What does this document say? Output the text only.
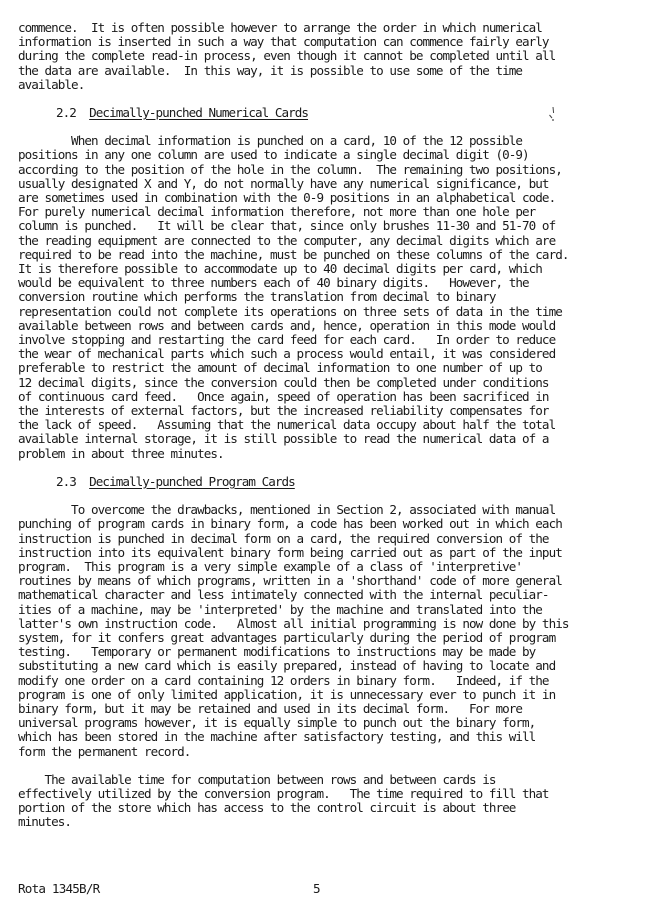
commence.  It is often possible however to arrange the order in which numerical

information is inserted in such a way that computation can commence fairly early

during the complete read-in process, even though it cannot be completed until all

the data are available.  In this way, it is possible to use some of the time

available.

2.2 Decimally-punched Numerical Cards

When decimal information is punched on a card, 10 of the 12 possible

positions in any one column are used to indicate a single decimal digit (0-9)

according to the position of the hole in the column.  The remaining two positions,

usually designated X and Y, do not normally have any numerical significance, but

are sometimes used in combination with the 0-9 positions in an alphabetical code.

For purely numerical decimal information therefore, not more than one hole per

column is punched.   It will be clear that, since only brushes 11-30 and 51-70 of

the reading equipment are connected to the computer, any decimal digits which are

required to be read into the machine, must be punched on these columns of the card.

It is therefore possible to accommodate up to 40 decimal digits per card, which

would be equivalent to three numbers each of 40 binary digits.   However, the

conversion routine which performs the translation from decimal to binary

representation could not complete its operations on three sets of data in the time

available between rows and between cards and, hence, operation in this mode would

involve stopping and restarting the card feed for each card.   In order to reduce

the wear of mechanical parts which such a process would entail, it was considered

preferable to restrict the amount of decimal information to one number of up to

12 decimal digits, since the conversion could then be completed under conditions

of continuous card feed.   Once again, speed of operation has been sacrificed in

the interests of external factors, but the increased reliability compensates for

the lack of speed.   Assuming that the numerical data occupy about half the total

available internal storage, it is still possible to read the numerical data of a

problem in about three minutes.

2.3 Decimally-punched Program Cards

To overcome the drawbacks, mentioned in Section 2, associated with manual

punching of program cards in binary form, a code has been worked out in which each

instruction is punched in decimal form on a card, the required conversion of the

instruction into its equivalent binary form being carried out as part of the input

program.  This program is a very simple example of a class of 'interpretive'

routines by means of which programs, written in a 'shorthand' code of more general

mathematical character and less intimately connected with the internal peculiar-

ities of a machine, may be 'interpreted' by the machine and translated into the

latter's own instruction code.   Almost all initial programming is now done by this

system, for it confers great advantages particularly during the period of program

testing.   Temporary or permanent modifications to instructions may be made by

substituting a new card which is easily prepared, instead of having to locate and

modify one order on a card containing 12 orders in binary form.   Indeed, if the

program is one of only limited application, it is unnecessary ever to punch it in

binary form, but it may be retained and used in its decimal form.   For more

universal programs however, it is equally simple to punch out the binary form,

which has been stored in the machine after satisfactory testing, and this will

form the permanent record.

The available time for computation between rows and between cards is

effectively utilized by the conversion program.   The time required to fill that

portion of the store which has access to the control circuit is about three

minutes.

Rota 1345B/R	5
